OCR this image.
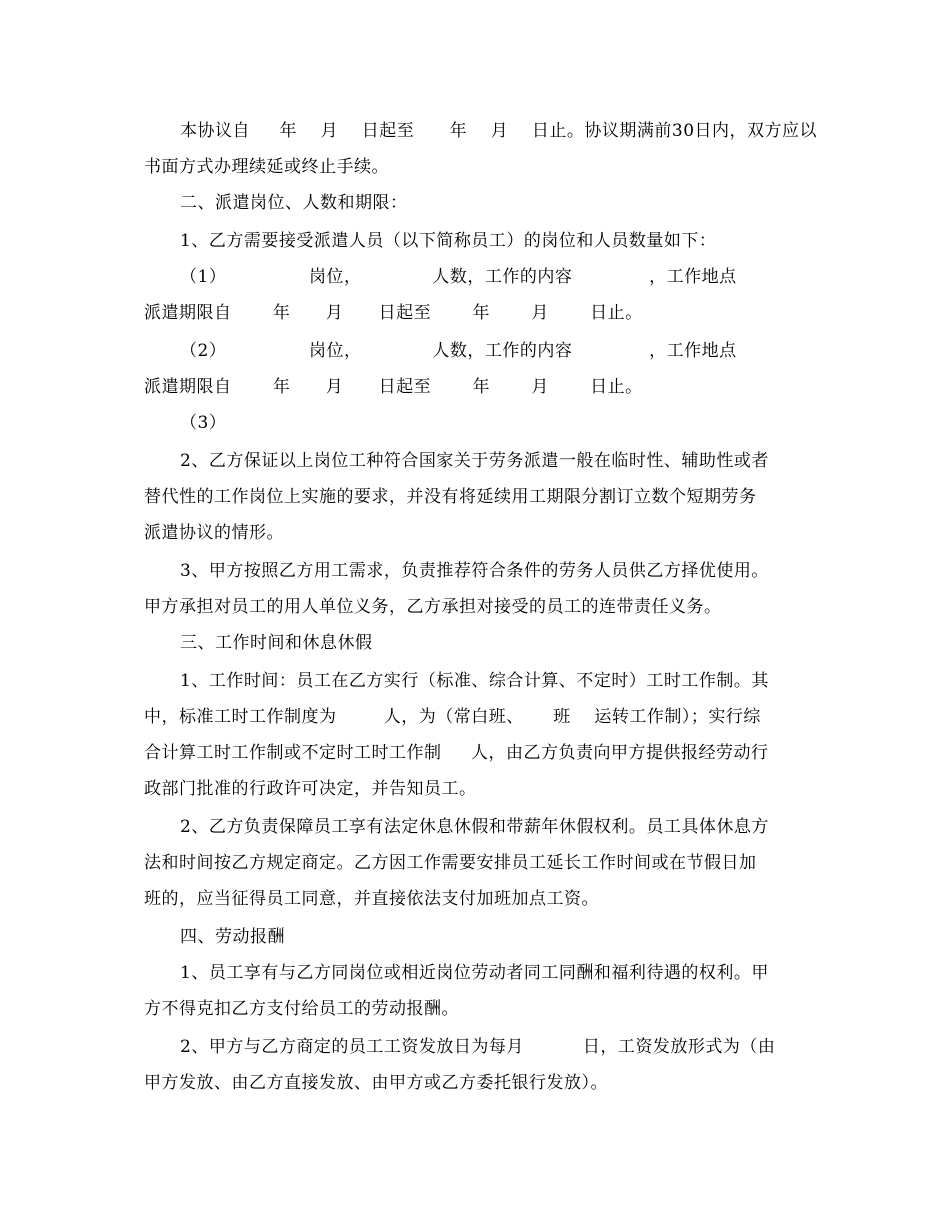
本协议自     年    月    日起至      年    月    日止。协议期满前30日内，双方应以
书面方式办理续延或终止手续。
二、派遣岗位、人数和期限：
1、乙方需要接受派遣人员（以下简称员工）的岗位和人员数量如下：
（1）              岗位，            人数，工作的内容             ，工作地点
派遣期限自       年      月      日起至       年       月       日止。
（2）              岗位，            人数，工作的内容             ，工作地点
派遣期限自       年      月      日起至       年       月       日止。
（3）
2、乙方保证以上岗位工种符合国家关于劳务派遣一般在临时性、辅助性或者
替代性的工作岗位上实施的要求，并没有将延续用工期限分割订立数个短期劳务
派遣协议的情形。
3、甲方按照乙方用工需求，负责推荐符合条件的劳务人员供乙方择优使用。
甲方承担对员工的用人单位义务，乙方承担对接受的员工的连带责任义务。
三、工作时间和休息休假
1、工作时间：员工在乙方实行（标准、综合计算、不定时）工时工作制。其
中，标准工时工作制度为        人，为（常白班、     班    运转工作制）；实行综
合计算工时工作制或不定时工时工作制     人，由乙方负责向甲方提供报经劳动行
政部门批准的行政许可决定，并告知员工。
2、乙方负责保障员工享有法定休息休假和带薪年休假权利。员工具体休息方
法和时间按乙方规定商定。乙方因工作需要安排员工延长工作时间或在节假日加
班的，应当征得员工同意，并直接依法支付加班加点工资。
四、劳动报酬
1、员工享有与乙方同岗位或相近岗位劳动者同工同酬和福利待遇的权利。甲
方不得克扣乙方支付给员工的劳动报酬。
2、甲方与乙方商定的员工工资发放日为每月          日，工资发放形式为（由
甲方发放、由乙方直接发放、由甲方或乙方委托银行发放）。
